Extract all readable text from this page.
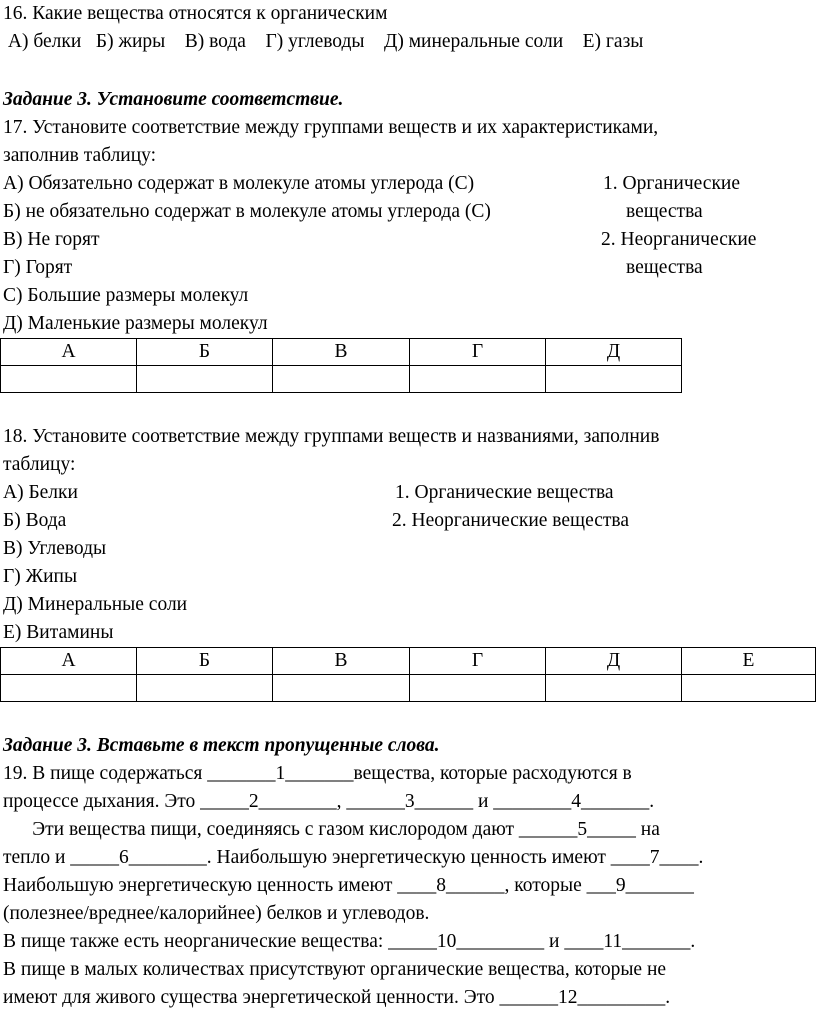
16. Какие вещества относятся к органическим
А) белки   Б) жиры    В) вода    Г) углеводы    Д) минеральные соли    Е) газы
Задание 3. Установите соответствие.
17. Установите соответствие между группами веществ и их характеристиками,
заполнив таблицу:
А) Обязательно содержат в молекуле атомы углерода (С)
Б) не обязательно содержат в молекуле атомы углерода (С)
В) Не горят
Г) Горят
С) Большие размеры молекул
Д) Маленькие размеры молекул
1. Органические
вещества
2. Неорганические
вещества
А	Б	В	Г	Д

18. Установите соответствие между группами веществ и названиями, заполнив
таблицу:
А) Белки
Б) Вода
В) Углеводы
Г) Жипы
Д) Минеральные соли
Е) Витамины
1. Органические вещества
2. Неорганические вещества
А	Б	В	Г	Д	Е

Задание 3. Вставьте в текст пропущенные слова.
19. В пище содержаться _______1_______вещества, которые расходуются в
процессе дыхания. Это _____2________, ______3______ и ________4_______.
Эти вещества пищи, соединяясь с газом кислородом дают ______5_____ на
тепло и _____6________. Наибольшую энергетическую ценность имеют ____7____.
Наибольшую энергетическую ценность имеют ____8______, которые ___9_______
(полезнее/вреднее/калорийнее) белков и углеводов.
В пище также есть неорганические вещества: _____10_________ и ____11_______.
В пище в малых количествах присутствуют органические вещества, которые не
имеют для живого существа энергетической ценности. Это ______12_________.
